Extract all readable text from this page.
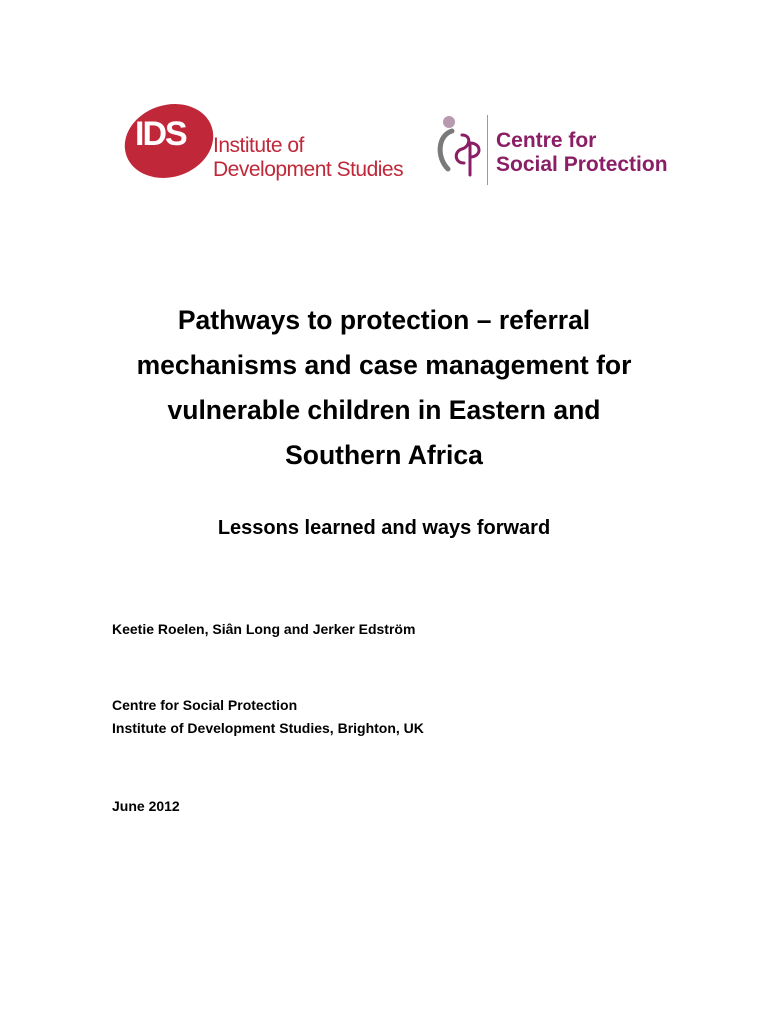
IDS	Institute of
Development Studies
Centre for
Social Protection
Pathways to protection – referral
mechanisms and case management for
vulnerable children in Eastern and
Southern Africa
Lessons learned and ways forward

Keetie Roelen, Siân Long and Jerker Edström

Centre for Social Protection

Institute of Development Studies, Brighton, UK

June 2012
